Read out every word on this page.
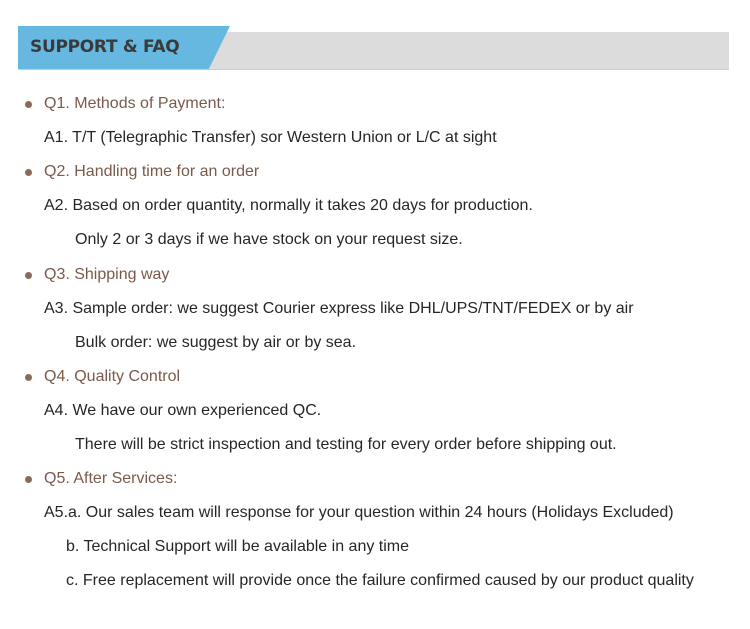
SUPPORT & FAQ
Q1. Methods of Payment:
A1. T/T (Telegraphic Transfer) sor Western Union or L/C at sight
Q2. Handling time for an order
A2. Based on order quantity, normally it takes 20 days for production.
Only 2 or 3 days if we have stock on your request size.
Q3. Shipping way
A3. Sample order: we suggest Courier express like DHL/UPS/TNT/FEDEX or by air
Bulk order: we suggest by air or by sea.
Q4. Quality Control
A4. We have our own experienced QC.
There will be strict inspection and testing for every order before shipping out.
Q5. After Services:
A5.a. Our sales team will response for your question within 24 hours (Holidays Excluded)
b. Technical Support will be available in any time
c. Free replacement will provide once the failure confirmed caused by our product quality
